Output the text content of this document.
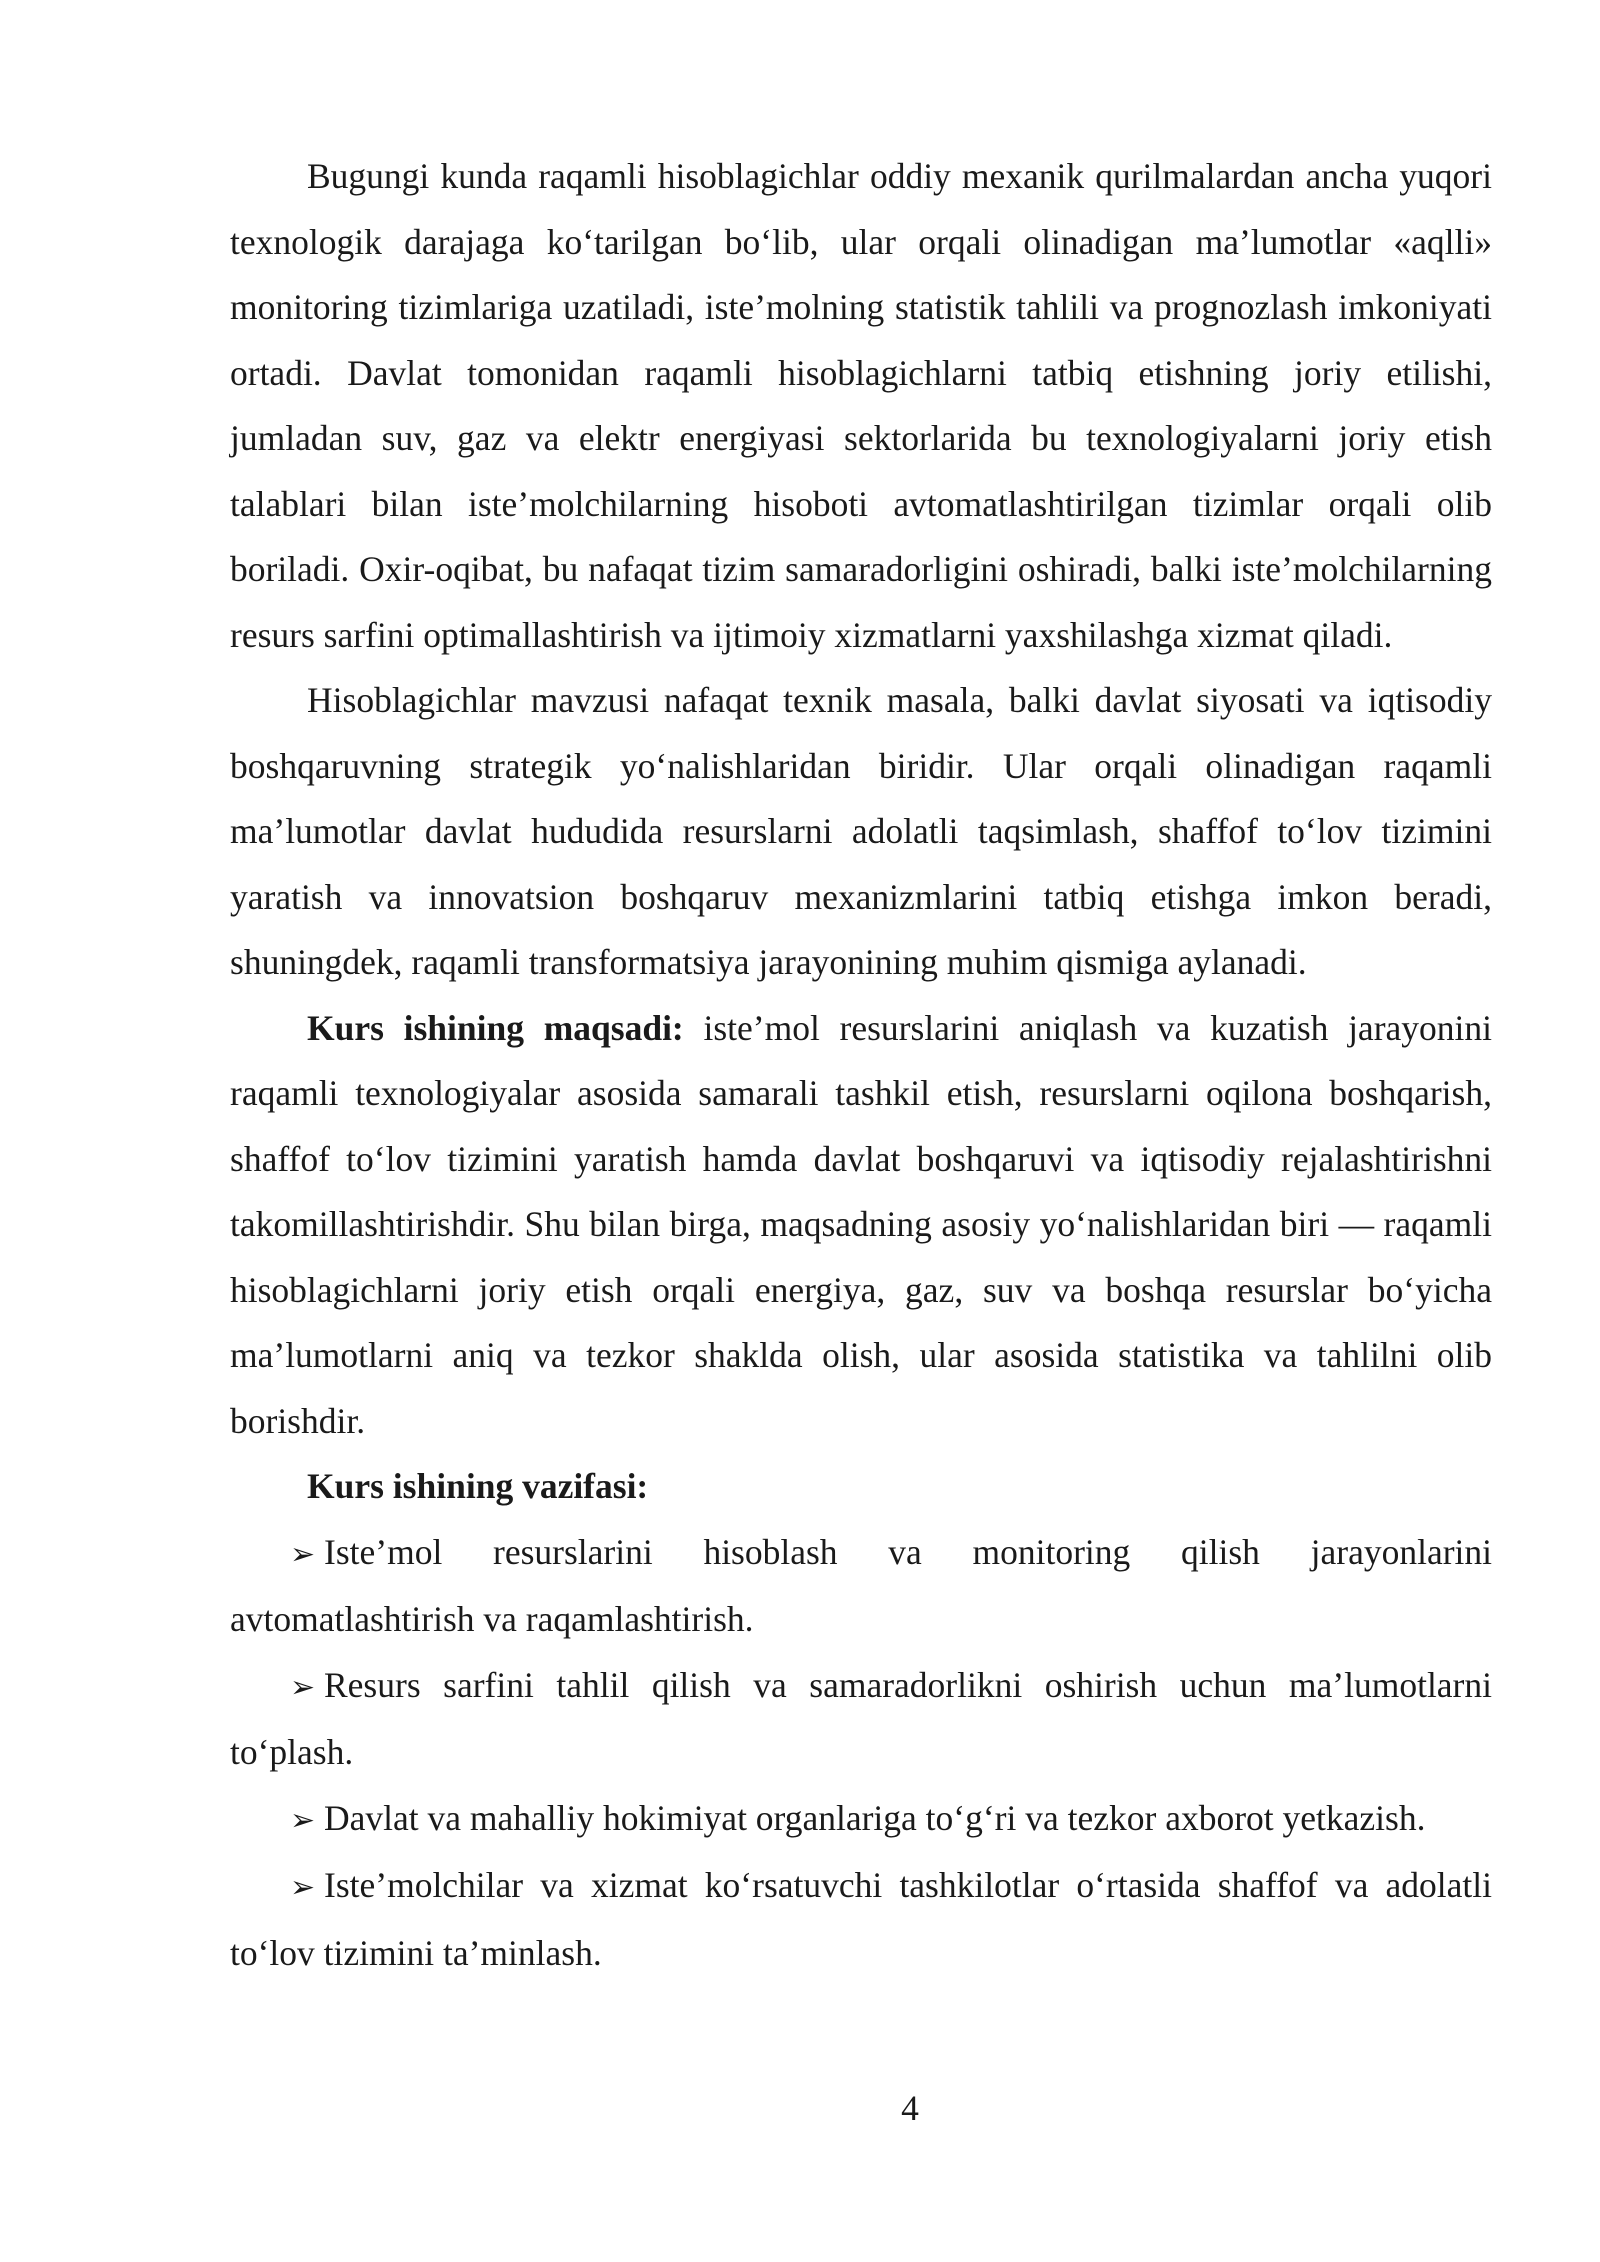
Bugungi kunda raqamli hisoblagichlar oddiy mexanik qurilmalardan ancha yuqori texnologik darajaga koʻtarilgan boʻlib, ular orqali olinadigan ma’lumotlar «aqlli» monitoring tizimlariga uzatiladi, iste’molning statistik tahlili va prognozlash imkoniyati ortadi. Davlat tomonidan raqamli hisoblagichlarni tatbiq etishning joriy etilishi, jumladan suv, gaz va elektr energiyasi sektorlarida bu texnologiyalarni joriy etish talablari bilan iste’molchilarning hisoboti avtomatlashtirilgan tizimlar orqali olib boriladi. Oxir-oqibat, bu nafaqat tizim samaradorligini oshiradi, balki iste’molchilarning resurs sarfini optimallashtirish va ijtimoiy xizmatlarni yaxshilashga xizmat qiladi.

Hisoblagichlar mavzusi nafaqat texnik masala, balki davlat siyosati va iqtisodiy boshqaruvning strategik yoʻnalishlaridan biridir. Ular orqali olinadigan raqamli ma’lumotlar davlat hududida resurslarni adolatli taqsimlash, shaffof toʻlov tizimini yaratish va innovatsion boshqaruv mexanizmlarini tatbiq etishga imkon beradi, shuningdek, raqamli transformatsiya jarayonining muhim qismiga aylanadi.

Kurs ishining maqsadi: iste’mol resurslarini aniqlash va kuzatish jarayonini raqamli texnologiyalar asosida samarali tashkil etish, resurslarni oqilona boshqarish, shaffof toʻlov tizimini yaratish hamda davlat boshqaruvi va iqtisodiy rejalashtirishni takomillashtirishdir. Shu bilan birga, maqsadning asosiy yoʻnalishlaridan biri — raqamli hisoblagichlarni joriy etish orqali energiya, gaz, suv va boshqa resurslar boʻyicha ma’lumotlarni aniq va tezkor shaklda olish, ular asosida statistika va tahlilni olib borishdir.

Kurs ishining vazifasi:

➢ Iste’mol resurslarini hisoblash va monitoring qilish jarayonlarini avtomatlashtirish va raqamlashtirish.

➢ Resurs sarfini tahlil qilish va samaradorlikni oshirish uchun ma’lumotlarni toʻplash.

➢ Davlat va mahalliy hokimiyat organlariga toʻgʻri va tezkor axborot yetkazish.

➢ Iste’molchilar va xizmat koʻrsatuvchi tashkilotlar oʻrtasida shaffof va adolatli toʻlov tizimini ta’minlash.

4
